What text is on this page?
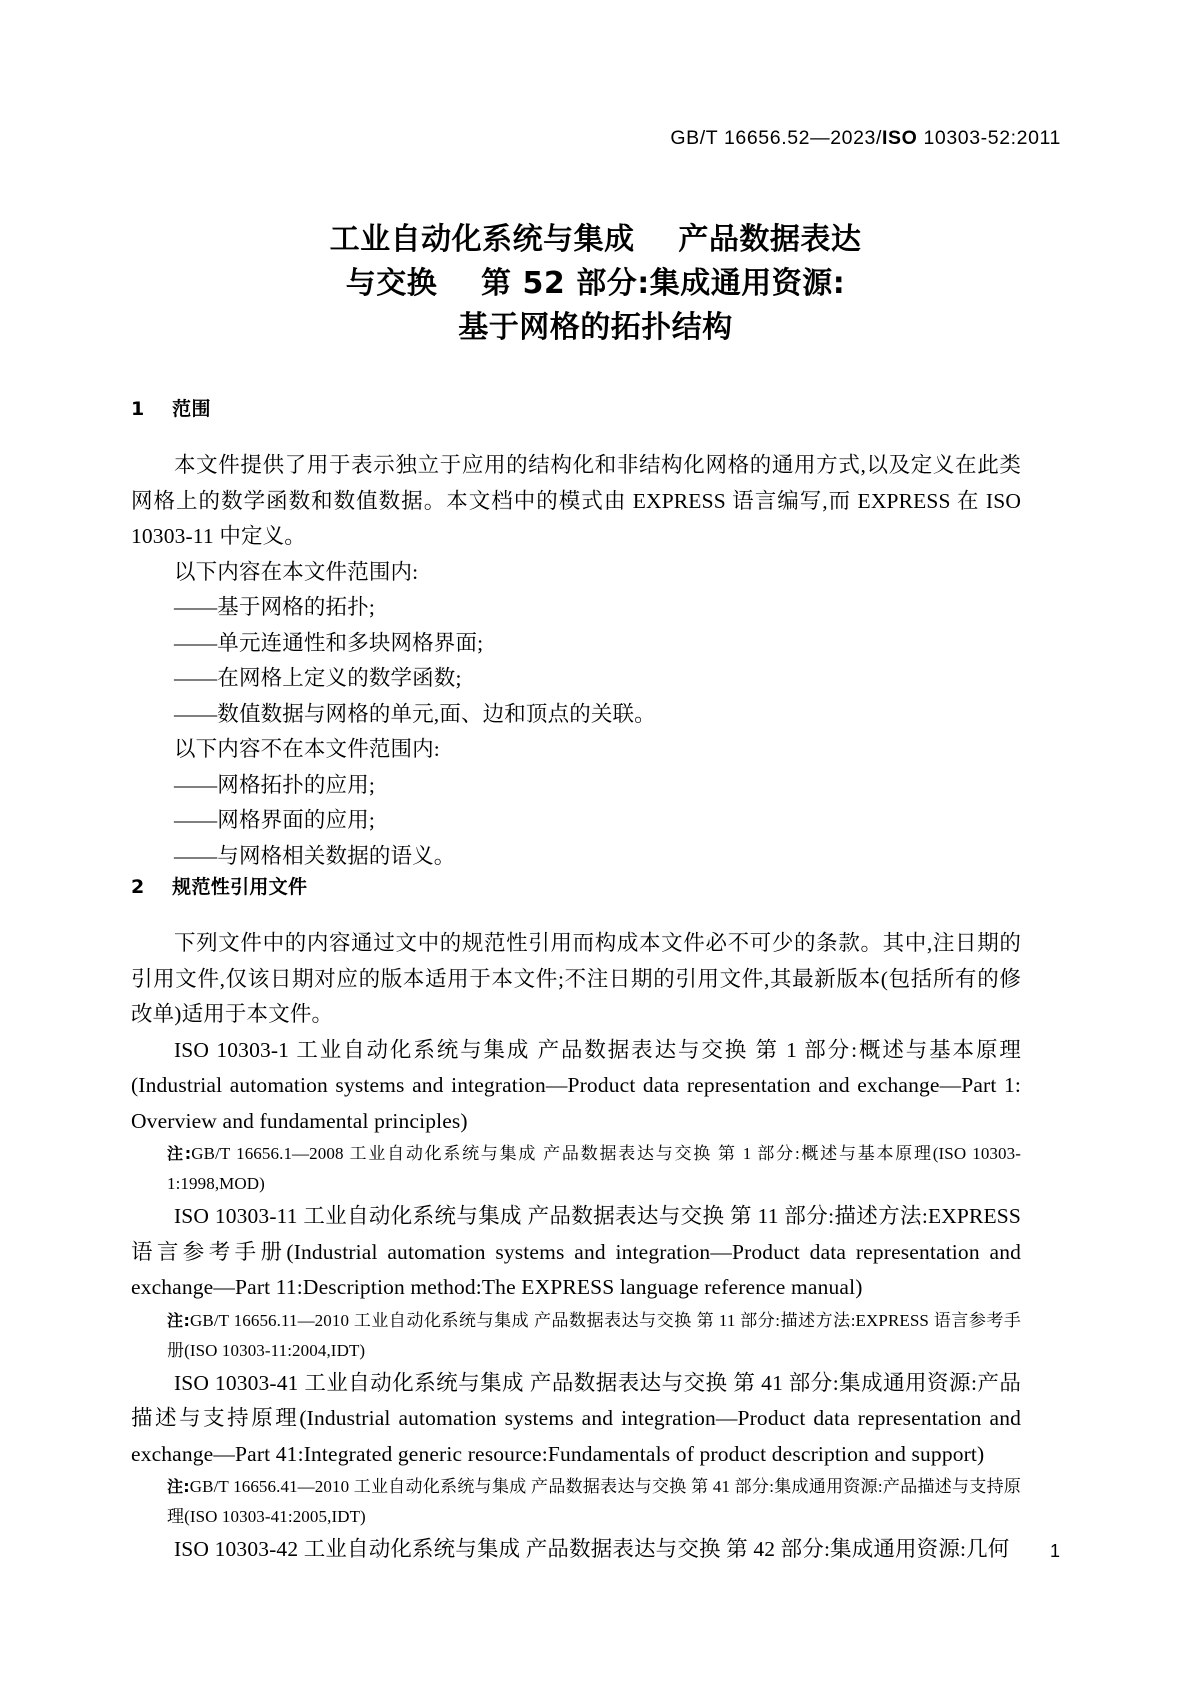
GB/T 16656.52—2023/ISO 10303-52:2011
工业自动化系统与集成    产品数据表达
与交换    第 52 部分:集成通用资源:
基于网格的拓扑结构
1    范围

本文件提供了用于表示独立于应用的结构化和非结构化网格的通用方式,以及定义在此类网格上的数学函数和数值数据。本文档中的模式由 EXPRESS 语言编写,而 EXPRESS 在 ISO 10303-11 中定义。

以下内容在本文件范围内:

——基于网格的拓扑;

——单元连通性和多块网格界面;

——在网格上定义的数学函数;

——数值数据与网格的单元,面、边和顶点的关联。

以下内容不在本文件范围内:

——网格拓扑的应用;

——网格界面的应用;

——与网格相关数据的语义。

2    规范性引用文件

下列文件中的内容通过文中的规范性引用而构成本文件必不可少的条款。其中,注日期的引用文件,仅该日期对应的版本适用于本文件;不注日期的引用文件,其最新版本(包括所有的修改单)适用于本文件。

ISO 10303-1 工业自动化系统与集成 产品数据表达与交换 第 1 部分:概述与基本原理(Industrial automation systems and integration—Product data representation and exchange—Part 1: Overview and fundamental principles)

注:GB/T 16656.1—2008 工业自动化系统与集成 产品数据表达与交换 第 1 部分:概述与基本原理(ISO 10303-1:1998,MOD)

ISO 10303-11 工业自动化系统与集成 产品数据表达与交换 第 11 部分:描述方法:EXPRESS 语言参考手册(Industrial automation systems and integration—Product data representation and exchange—Part 11:Description method:The EXPRESS language reference manual)

注:GB/T 16656.11—2010 工业自动化系统与集成 产品数据表达与交换 第 11 部分:描述方法:EXPRESS 语言参考手册(ISO 10303-11:2004,IDT)

ISO 10303-41 工业自动化系统与集成 产品数据表达与交换 第 41 部分:集成通用资源:产品描述与支持原理(Industrial automation systems and integration—Product data representation and exchange—Part 41:Integrated generic resource:Fundamentals of product description and support)

注:GB/T 16656.41—2010 工业自动化系统与集成 产品数据表达与交换 第 41 部分:集成通用资源:产品描述与支持原理(ISO 10303-41:2005,IDT)

ISO 10303-42 工业自动化系统与集成 产品数据表达与交换 第 42 部分:集成通用资源:几何	1
